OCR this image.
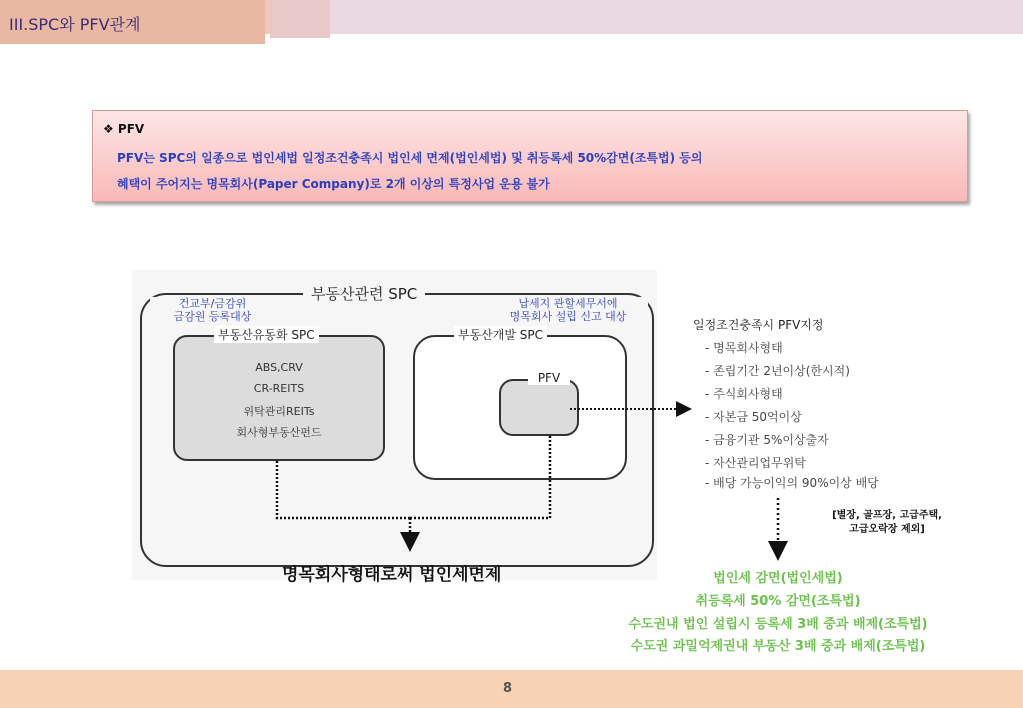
III.SPC와 PFV관계
❖ PFV
PFV는 SPC의 일종으로 법인세법 일정조건충족시 법인세 면제(법인세법) 및 취등록세 50%감면(조특법) 등의
혜택이 주어지는 명목회사(Paper Company)로 2개 이상의 특정사업 운용 불가
부동산관련 SPC
건교부/금감위
금감원 등록대상
납세지 관할세무서에
명목회사 설립 신고 대상
부동산유동화 SPC
ABS,CRV
CR-REITS
위탁관리REITs
회사형부동산펀드
부동산개발 SPC
PFV
명목회사형태로써 법인세면제
일정조건충족시 PFV지정
- 명목회사형태
- 존립기간 2년이상(한시적)
- 주식회사형태
- 자본금 50억이상
- 금융기관 5%이상출자
- 자산관리업무위탁
- 배당 가능이익의 90%이상 배당
[별장, 골프장, 고급주택,
고급오락장 제외]
법인세 감면(법인세법)
취등록세 50% 감면(조특법)
수도권내 법인 설립시 등록세 3배 중과 배제(조특법)
수도권 과밀억제권내 부동산 3배 중과 배제(조특법)
8
